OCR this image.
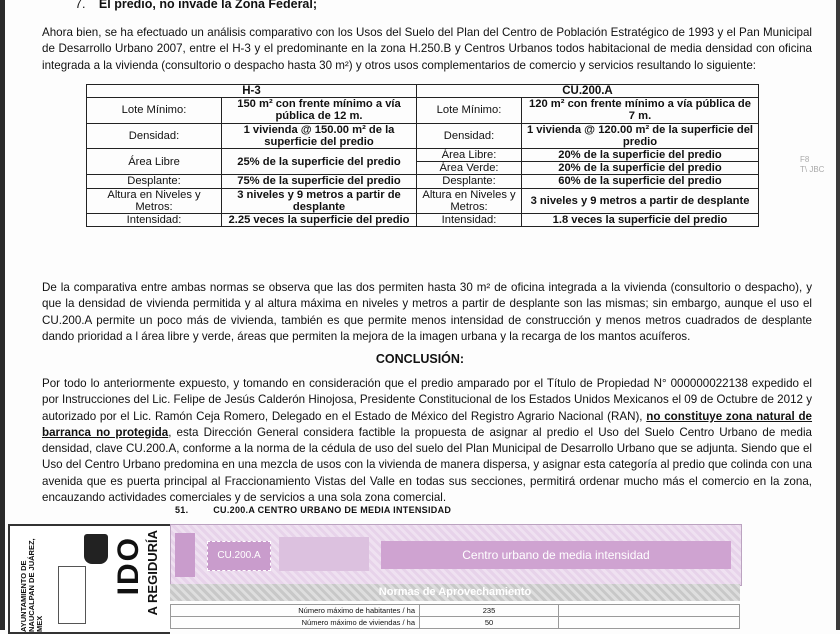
7. El predio, no invade la Zona Federal;
Ahora bien, se ha efectuado un análisis comparativo con los Usos del Suelo del Plan del Centro de Población Estratégico de 1993 y el Pan Municipal de Desarrollo Urbano 2007, entre el H-3 y el predominante en la zona H.250.B y Centros Urbanos todos habitacional de media densidad con oficina integrada a la vivienda (consultorio o despacho hasta 30 m²) y otros usos complementarios de comercio y servicios resultando lo siguiente:
H-3		CU.200.A	
Lote Mínimo:	150 m² con frente mínimo a vía pública de 12 m.	Lote Mínimo:	120 m² con frente mínimo a vía pública de 7 m.

Densidad:	1 vivienda @ 150.00 m² de la superficie del predio	Densidad:	1 vivienda @ 120.00 m² de la superficie del predio
Área Libre	25% de la superficie del predio	Área Libre:	20% de la superficie del predio
		Área Verde:	20% de la superficie del predio
Desplante:	75% de la superficie del predio	Desplante:	60% de la superficie del predio
Altura en Niveles y Metros:	3 niveles y 9 metros a partir de desplante	Altura en Niveles y Metros:	3 niveles y 9 metros a partir de desplante
Intensidad:	2.25 veces la superficie del predio	Intensidad:	1.8 veces la superficie del predio
F8
T\ JBC
De la comparativa entre ambas normas se observa que las dos permiten hasta 30 m² de oficina integrada a la vivienda (consultorio o despacho), y que la densidad de vivienda permitida y al altura máxima en niveles y metros a partir de desplante son las mismas; sin embargo, aunque el uso el CU.200.A permite un poco más de vivienda, también es que permite menos intensidad de construcción y menos metros cuadrados de desplante dando prioridad a l área libre y verde, áreas que permiten la mejora de la imagen urbana y la recarga de los mantos acuíferos.
CONCLUSIÓN:
Por todo lo anteriormente expuesto, y tomando en consideración que el predio amparado por el Título de Propiedad N° 000000022138 expedido el por Instrucciones del Lic. Felipe de Jesús Calderón Hinojosa, Presidente Constitucional de los Estados Unidos Mexicanos el 09 de Octubre de 2012 y autorizado por el Lic. Ramón Ceja Romero, Delegado en el Estado de México del Registro Agrario Nacional (RAN), no constituye zona natural de barranca no protegida, esta Dirección General considera factible la propuesta de asignar al predio el Uso del Suelo Centro Urbano de media densidad, clave CU.200.A, conforme a la norma de la cédula de uso del suelo del Plan Municipal de Desarrollo Urbano que se adjunta. Siendo que el Uso del Centro Urbano predomina en una mezcla de usos con la vivienda de manera dispersa, y asignar esta categoría al predio que colinda con una avenida que es puerta principal al Fraccionamiento Vistas del Valle en todas sus secciones, permitirá ordenar mucho más el comercio en la zona, encauzando actividades comerciales y de servicios a una sola zona comercial.
51.	CU.200.A CENTRO URBANO DE MEDIA INTENSIDAD
AYUNTAMIENTO DE NAUCALPAN DE JUÁREZ, MEX
IDO A REGIDURÍA	CU.200.A	Centro urbano de media intensidad
Normas de Aprovechamiento
Número máximo de habitantes / ha	235	
Número máximo de viviendas / ha	50	
